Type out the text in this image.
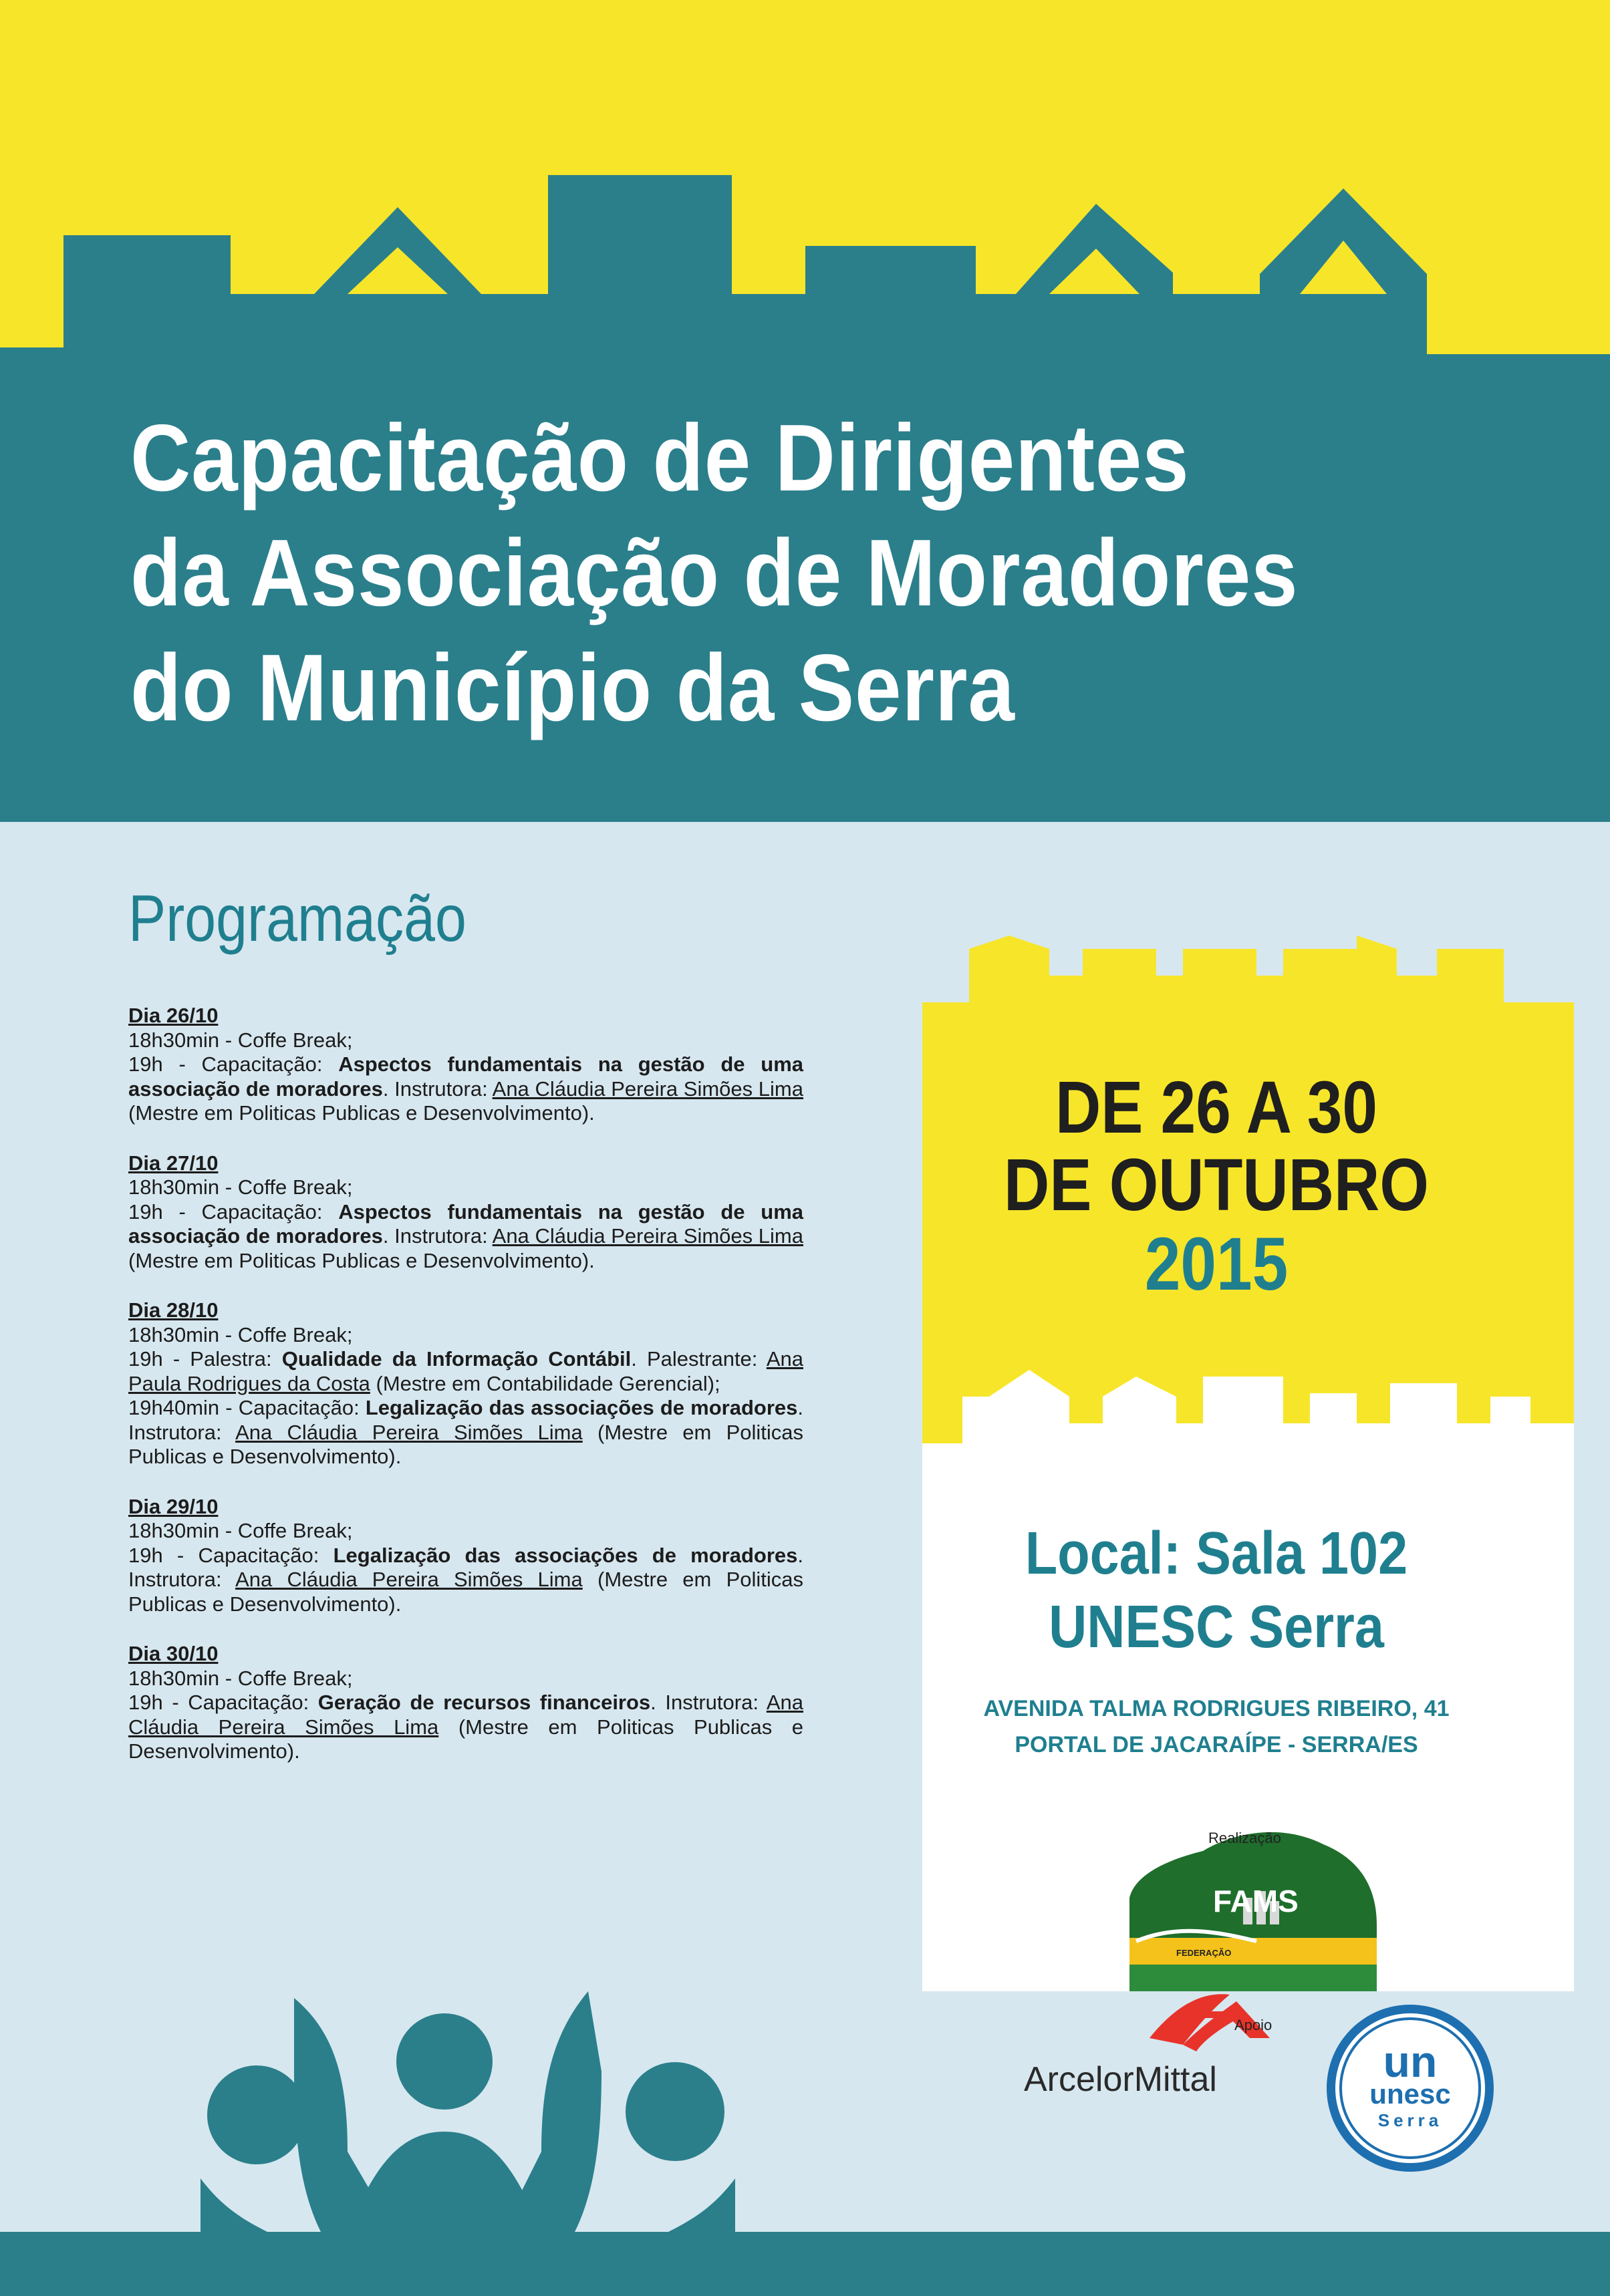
Capacitação de Dirigentes
da Associação de Moradores
do Município da Serra
Programação
Dia 26/10
18h30min - Coffe Break;
19h - Capacitação: Aspectos fundamentais na gestão de uma associação de moradores. Instrutora: Ana Cláudia Pereira Simões Lima (Mestre em Politicas Publicas e Desenvolvimento).
Dia 27/10
18h30min - Coffe Break;
19h - Capacitação: Aspectos fundamentais na gestão de uma associação de moradores. Instrutora: Ana Cláudia Pereira Simões Lima (Mestre em Politicas Publicas e Desenvolvimento).
Dia 28/10
18h30min - Coffe Break;
19h - Palestra: Qualidade da Informação Contábil. Palestrante: Ana Paula Rodrigues da Costa (Mestre em Contabilidade Gerencial);
19h40min - Capacitação: Legalização das associações de moradores. Instrutora: Ana Cláudia Pereira Simões Lima (Mestre em Politicas Publicas e Desenvolvimento).
Dia 29/10
18h30min - Coffe Break;
19h - Capacitação: Legalização das associações de moradores. Instrutora: Ana Cláudia Pereira Simões Lima (Mestre em Politicas Publicas e Desenvolvimento).
Dia 30/10
18h30min - Coffe Break;
19h - Capacitação: Geração de recursos financeiros. Instrutora: Ana Cláudia Pereira Simões Lima (Mestre em Politicas Publicas e Desenvolvimento).
DE 26 A 30
DE OUTUBRO
2015
Local: Sala 102
UNESC Serra
AVENIDA TALMA RODRIGUES RIBEIRO, 41
PORTAL DE JACARAÍPE - SERRA/ES
Realização
FAMS
FEDERAÇÃO
Apoio
ArcelorMittal	un
unesc
Serra
